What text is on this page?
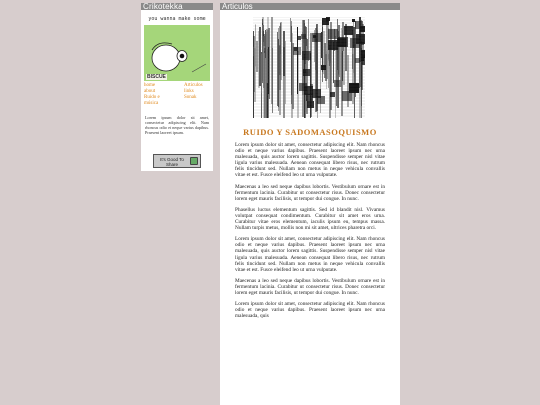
Crikotekka
you wanna make some
BISCUE
home
about
Ruido e
música
Articulos
links
Sonak
Lorem ipsum dolor sit amet, consectetur adipiscing elit. Nam rhoncus odio et neque varius dapibus. Praesent laoreet ipsum.
It's Good To Share
Articulos
RUIDO Y SADOMASOQUISMO

Lorem ipsum dolor sit amet, consectetur adipiscing elit. Nam rhoncus odio et neque varius dapibus. Praesent laoreet ipsum nec urna malesuada, quis auctor lorem sagittis. Suspendisse semper nisl vitae ligula varius malesuada. Aenean consequat libero risus, nec rutrum felis tincidunt sed. Nullam non metus in neque vehicula convallis vitae et est. Fusce eleifend leo ut urna vulputate.

Maecenas a leo sed neque dapibus lobortis. Vestibulum ornare est in fermentum lacinia. Curabitur ut consectetur risus. Donec consectetur lorem eget mauris facilisis, ut tempor dui congue. In nunc.

Phasellus luctus elementum sagittis. Sed id blandit nisl. Vivamus volutpat consequat condimentum. Curabitur sit amet eros urna. Curabitur vitae eros elementum, iaculis ipsum eu, tempus massa. Nullam turpis metus, mollis non mi sit amet, ultrices pharetra orci.

Lorem ipsum dolor sit amet, consectetur adipiscing elit. Nam rhoncus odio et neque varius dapibus. Praesent laoreet ipsum nec urna malesuada, quis auctor lorem sagittis. Suspendisse semper nisl vitae ligula varius malesuada. Aenean consequat libero risus, nec rutrum felis tincidunt sed. Nullam non metus in neque vehicula convallis vitae et est. Fusce eleifend leo ut urna vulputate.

Maecenas a leo sed neque dapibus lobortis. Vestibulum ornare est in fermentum lacinia. Curabitur ut consectetur risus. Donec consectetur lorem eget mauris facilisis, ut tempor dui congue. In nunc.

Lorem ipsum dolor sit amet, consectetur adipiscing elit. Nam rhoncus odio et neque varius dapibus. Praesent laoreet ipsum nec urna malesuada, quis
